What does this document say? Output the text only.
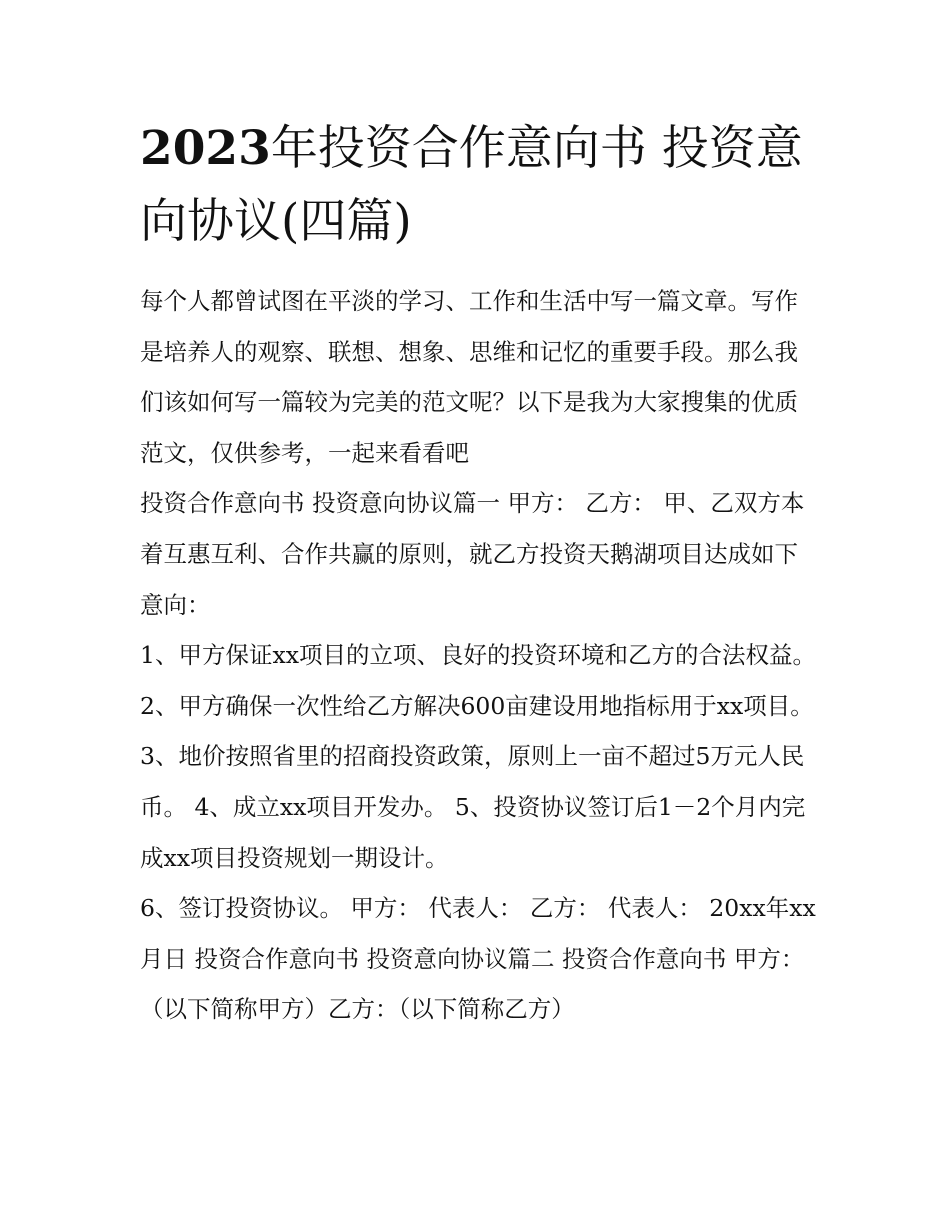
2023年投资合作意向书 投资意向协议(四篇)

每个人都曾试图在平淡的学习、工作和生活中写一篇文章。写作是培养人的观察、联想、想象、思维和记忆的重要手段。那么我们该如何写一篇较为完美的范文呢？以下是我为大家搜集的优质范文，仅供参考，一起来看看吧

投资合作意向书 投资意向协议篇一 甲方： 乙方： 甲、乙双方本着互惠互利、合作共赢的原则，就乙方投资天鹅湖项目达成如下意向：

1、甲方保证xx项目的立项、良好的投资环境和乙方的合法权益。 2、甲方确保一次性给乙方解决600亩建设用地指标用于xx项目。

3、地价按照省里的招商投资政策，原则上一亩不超过5万元人民币。 4、成立xx项目开发办。 5、投资协议签订后1－2个月内完成xx项目投资规划一期设计。

6、签订投资协议。 甲方： 代表人： 乙方： 代表人： 20xx年xx月日 投资合作意向书 投资意向协议篇二 投资合作意向书 甲方：（以下简称甲方）乙方：（以下简称乙方）
